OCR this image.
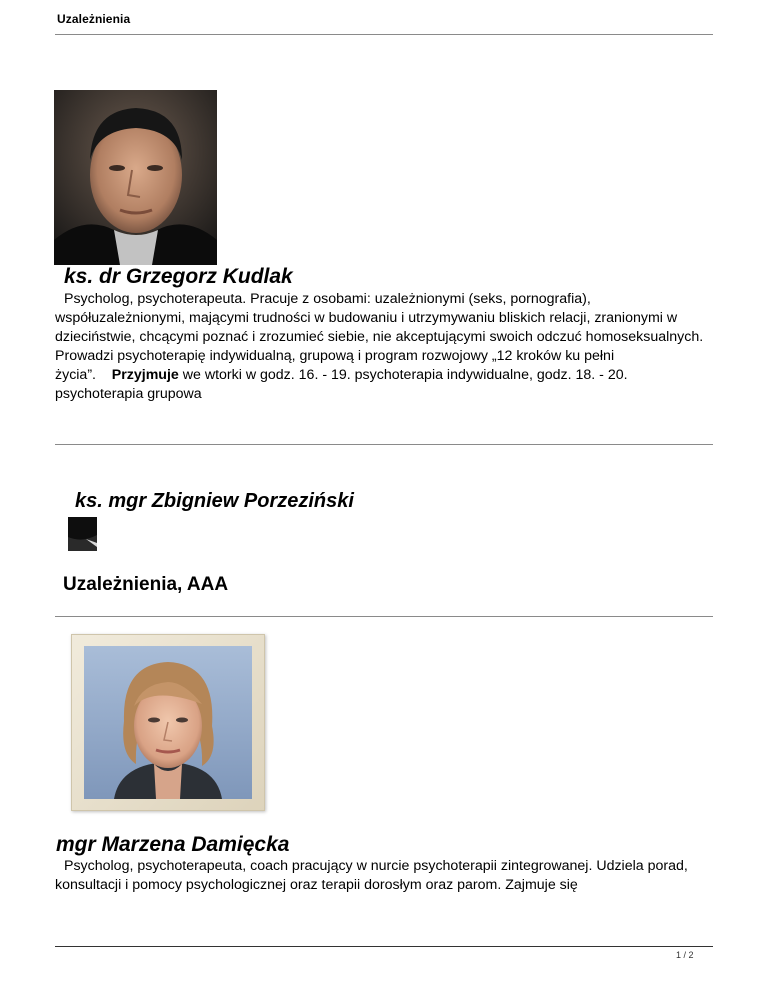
Uzależnienia
ks. dr Grzegorz Kudlak
Psycholog, psychoterapeuta. Pracuje z osobami: uzależnionymi (seks, pornografia), współuzależnionymi, mającymi trudności w budowaniu i utrzymywaniu bliskich relacji, zranionymi w dzieciństwie, chcącymi poznać i zrozumieć siebie, nie akceptującymi swoich odczuć homoseksualnych. Prowadzi psychoterapię indywidualną, grupową i program rozwojowy „12 kroków ku pełni życia”. Przyjmuje we wtorki w godz. 16. - 19. psychoterapia indywidualne, godz. 18. - 20. psychoterapia grupowa
ks. mgr Zbigniew Porzeziński
Uzależnienia, AAA
mgr Marzena Damięcka
Psycholog, psychoterapeuta, coach pracujący w nurcie psychoterapii zintegrowanej. Udziela porad, konsultacji i pomocy psychologicznej oraz terapii dorosłym oraz parom. Zajmuje się
1 / 2
